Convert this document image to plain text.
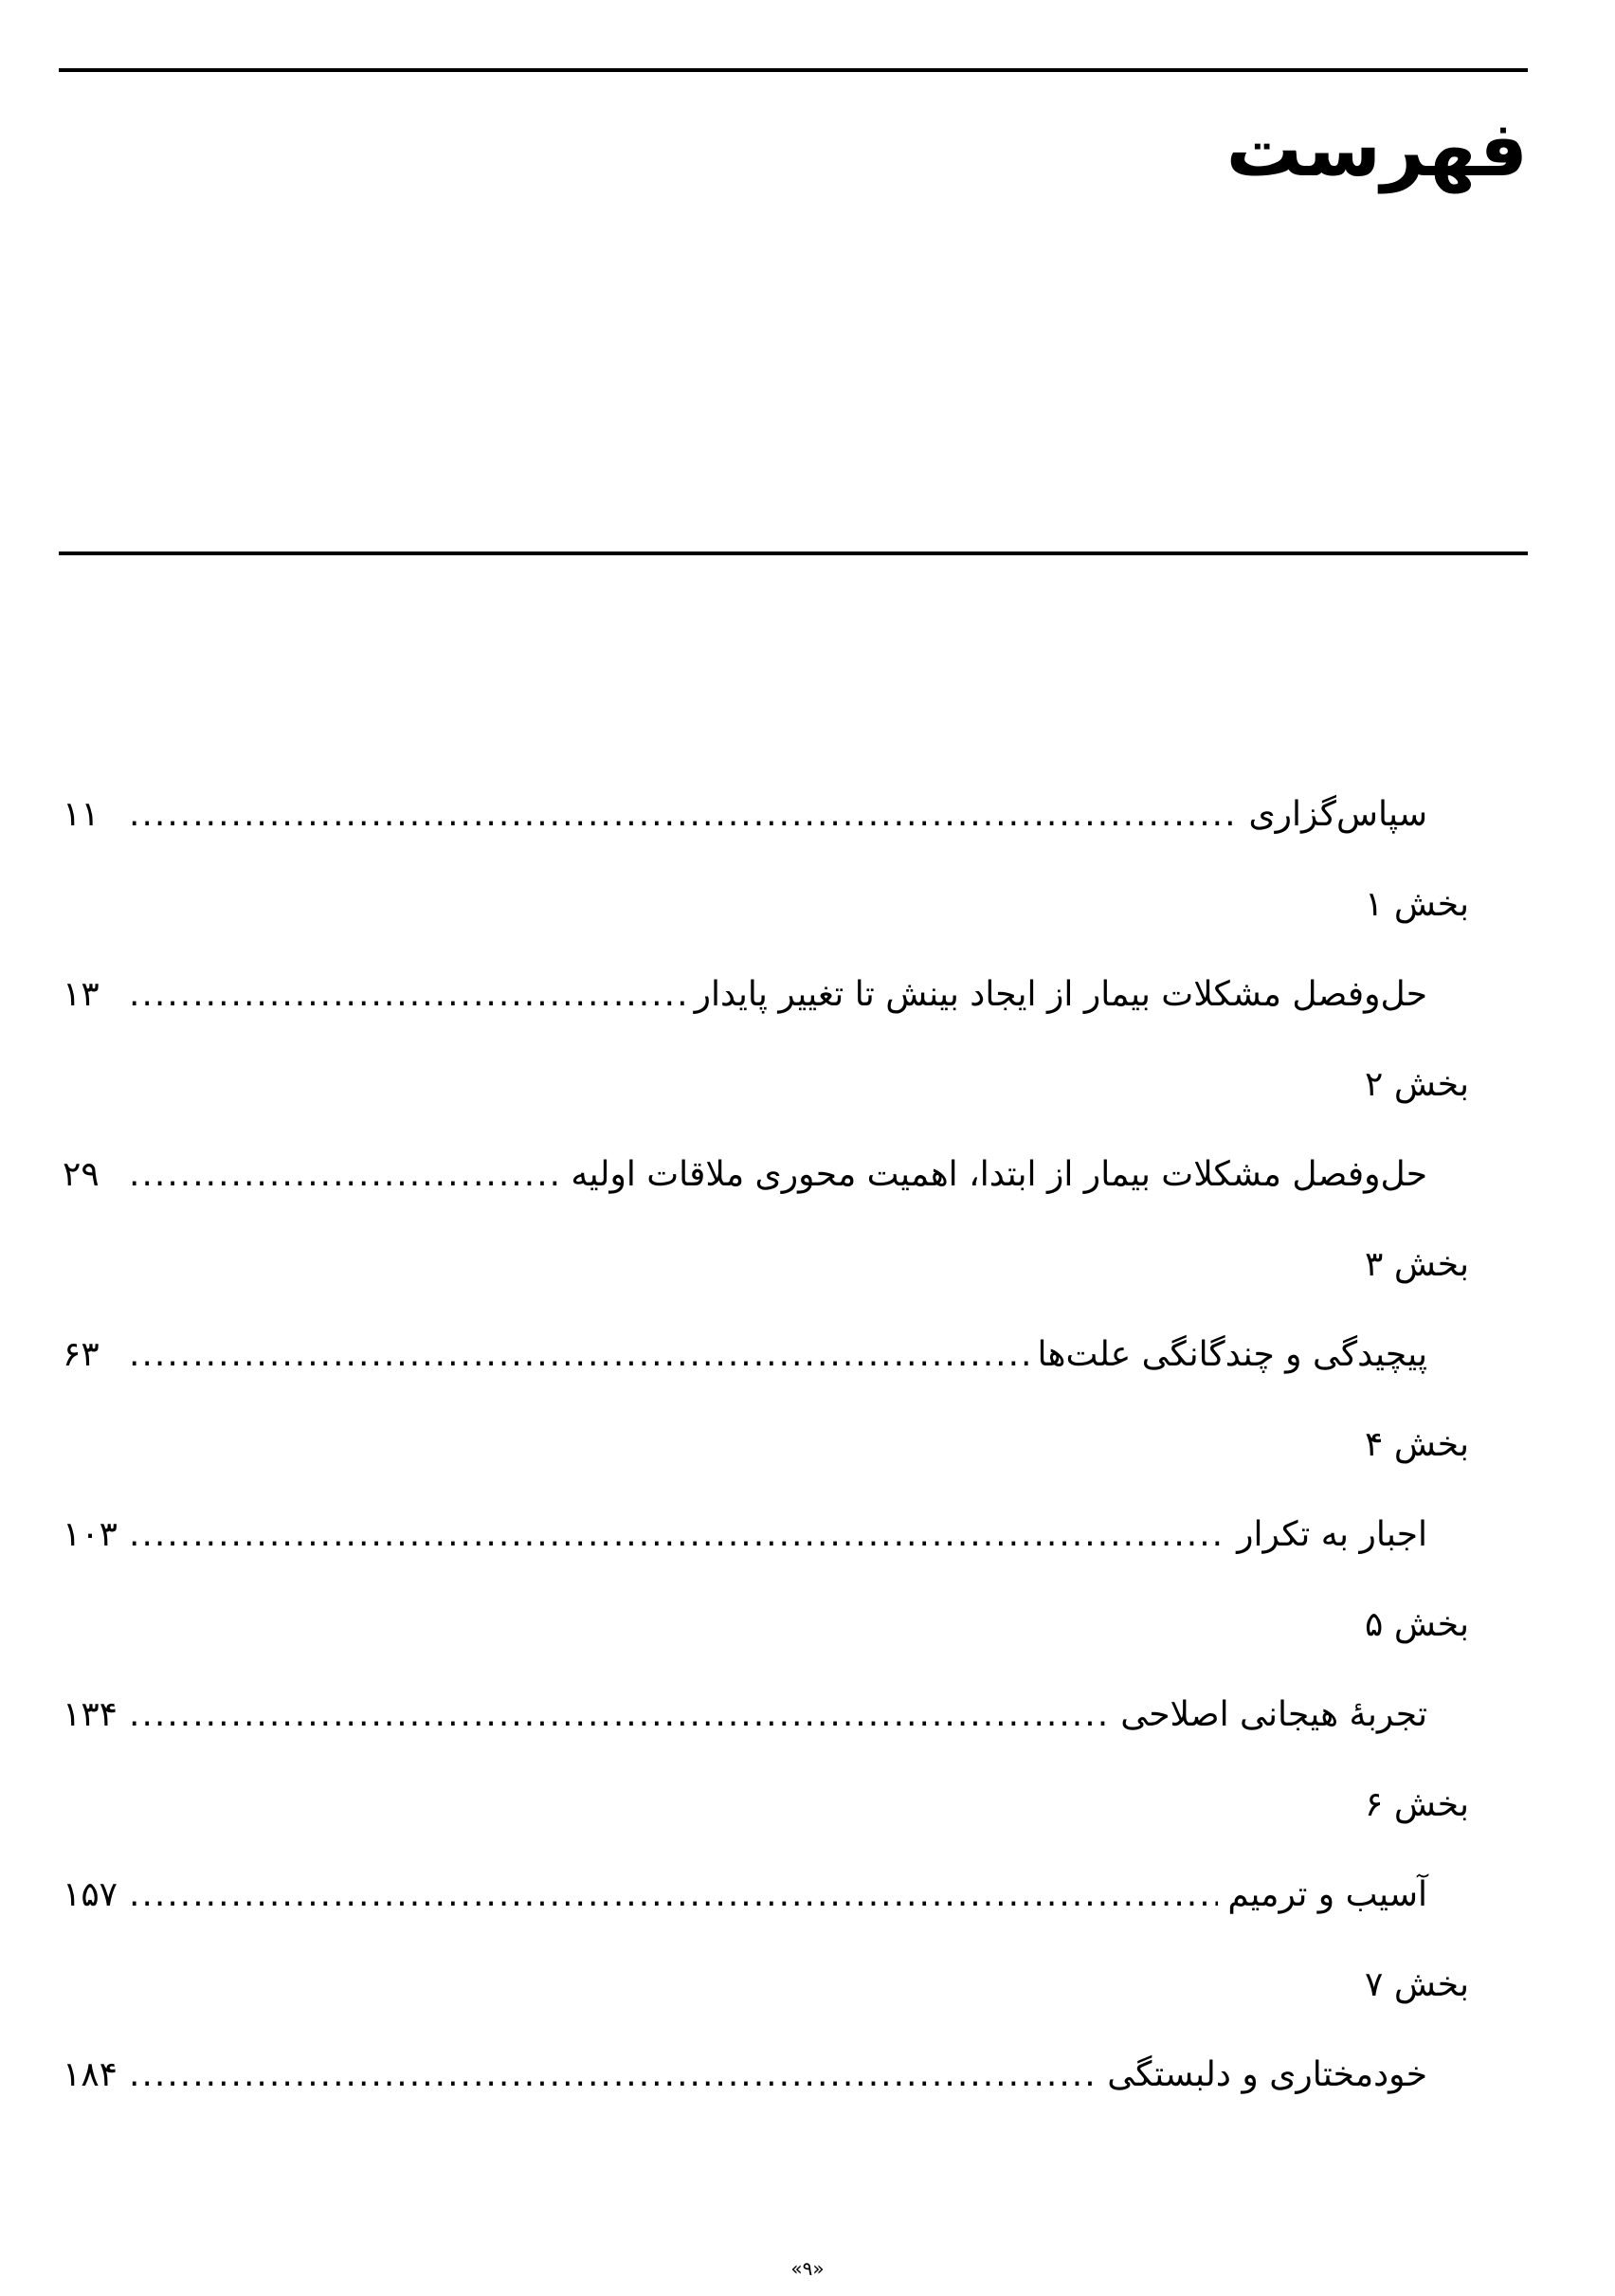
فهرست
سپاس‌گزاری
.....
۱۱
بخش ۱
حل‌وفصل مشکلات بیمار از ایجاد بینش تا تغییر پایدار
.....
۱۳
بخش ۲
حل‌وفصل مشکلات بیمار از ابتدا، اهمیت محوری ملاقات اولیه
.....
۲۹
بخش ۳
پیچیدگی و چندگانگی علت‌ها
.....
۶۳
بخش ۴
اجبار به تکرار
.....
۱۰۳
بخش ۵
تجربۀ هیجانی اصلاحی
.....
۱۳۴
بخش ۶
آسیب و ترمیم
.....
۱۵۷
بخش ۷
خودمختاری و دلبستگی
.....
۱۸۴
«۹»
